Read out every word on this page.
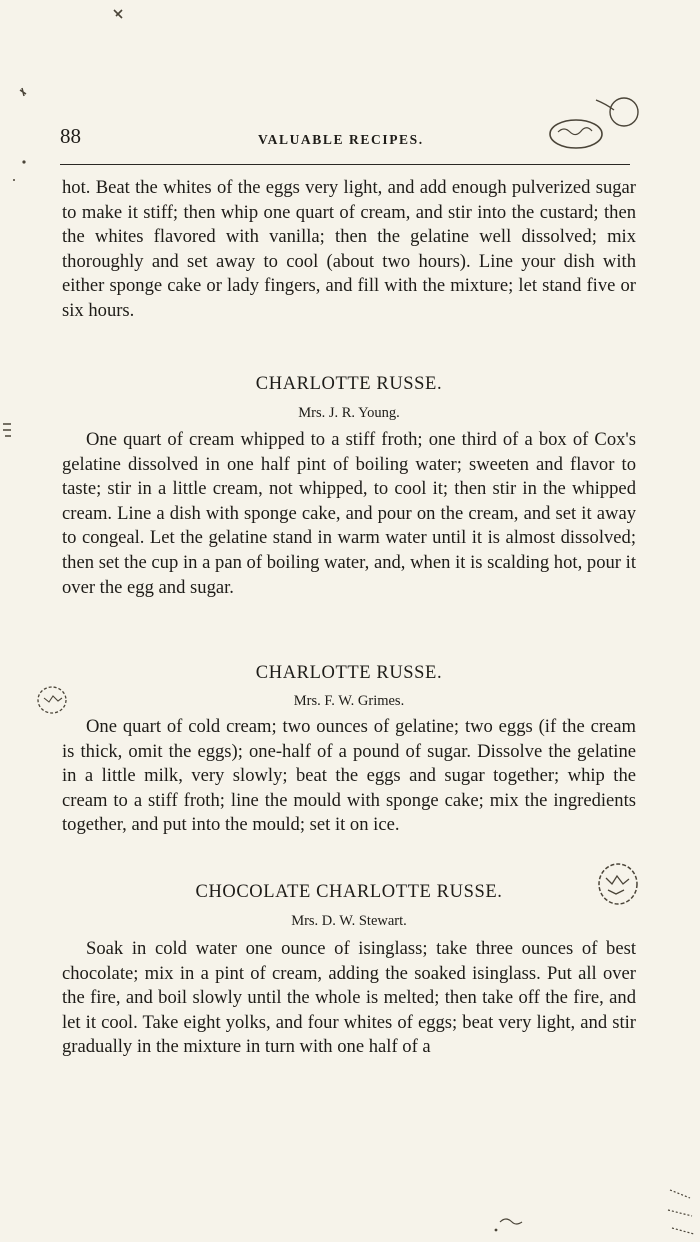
88	VALUABLE RECIPES.

hot. Beat the whites of the eggs very light, and add enough pulverized sugar to make it stiff; then whip one quart of cream, and stir into the custard; then the whites flavored with vanilla; then the gelatine well dissolved; mix thoroughly and set away to cool (about two hours). Line your dish with either sponge cake or lady fingers, and fill with the mixture; let stand five or six hours.

CHARLOTTE RUSSE.
Mrs. J. R. Young.

One quart of cream whipped to a stiff froth; one third of a box of Cox's gelatine dissolved in one half pint of boiling water; sweeten and flavor to taste; stir in a little cream, not whipped, to cool it; then stir in the whipped cream. Line a dish with sponge cake, and pour on the cream, and set it away to congeal. Let the gelatine stand in warm water until it is almost dissolved; then set the cup in a pan of boiling water, and, when it is scalding hot, pour it over the egg and sugar.

CHARLOTTE RUSSE.
Mrs. F. W. Grimes.

One quart of cold cream; two ounces of gelatine; two eggs (if the cream is thick, omit the eggs); one-half of a pound of sugar. Dissolve the gelatine in a little milk, very slowly; beat the eggs and sugar together; whip the cream to a stiff froth; line the mould with sponge cake; mix the ingredients together, and put into the mould; set it on ice.

CHOCOLATE CHARLOTTE RUSSE.
Mrs. D. W. Stewart.

Soak in cold water one ounce of isinglass; take three ounces of best chocolate; mix in a pint of cream, adding the soaked isinglass. Put all over the fire, and boil slowly until the whole is melted; then take off the fire, and let it cool. Take eight yolks, and four whites of eggs; beat very light, and stir gradually in the mixture in turn with one half of a
